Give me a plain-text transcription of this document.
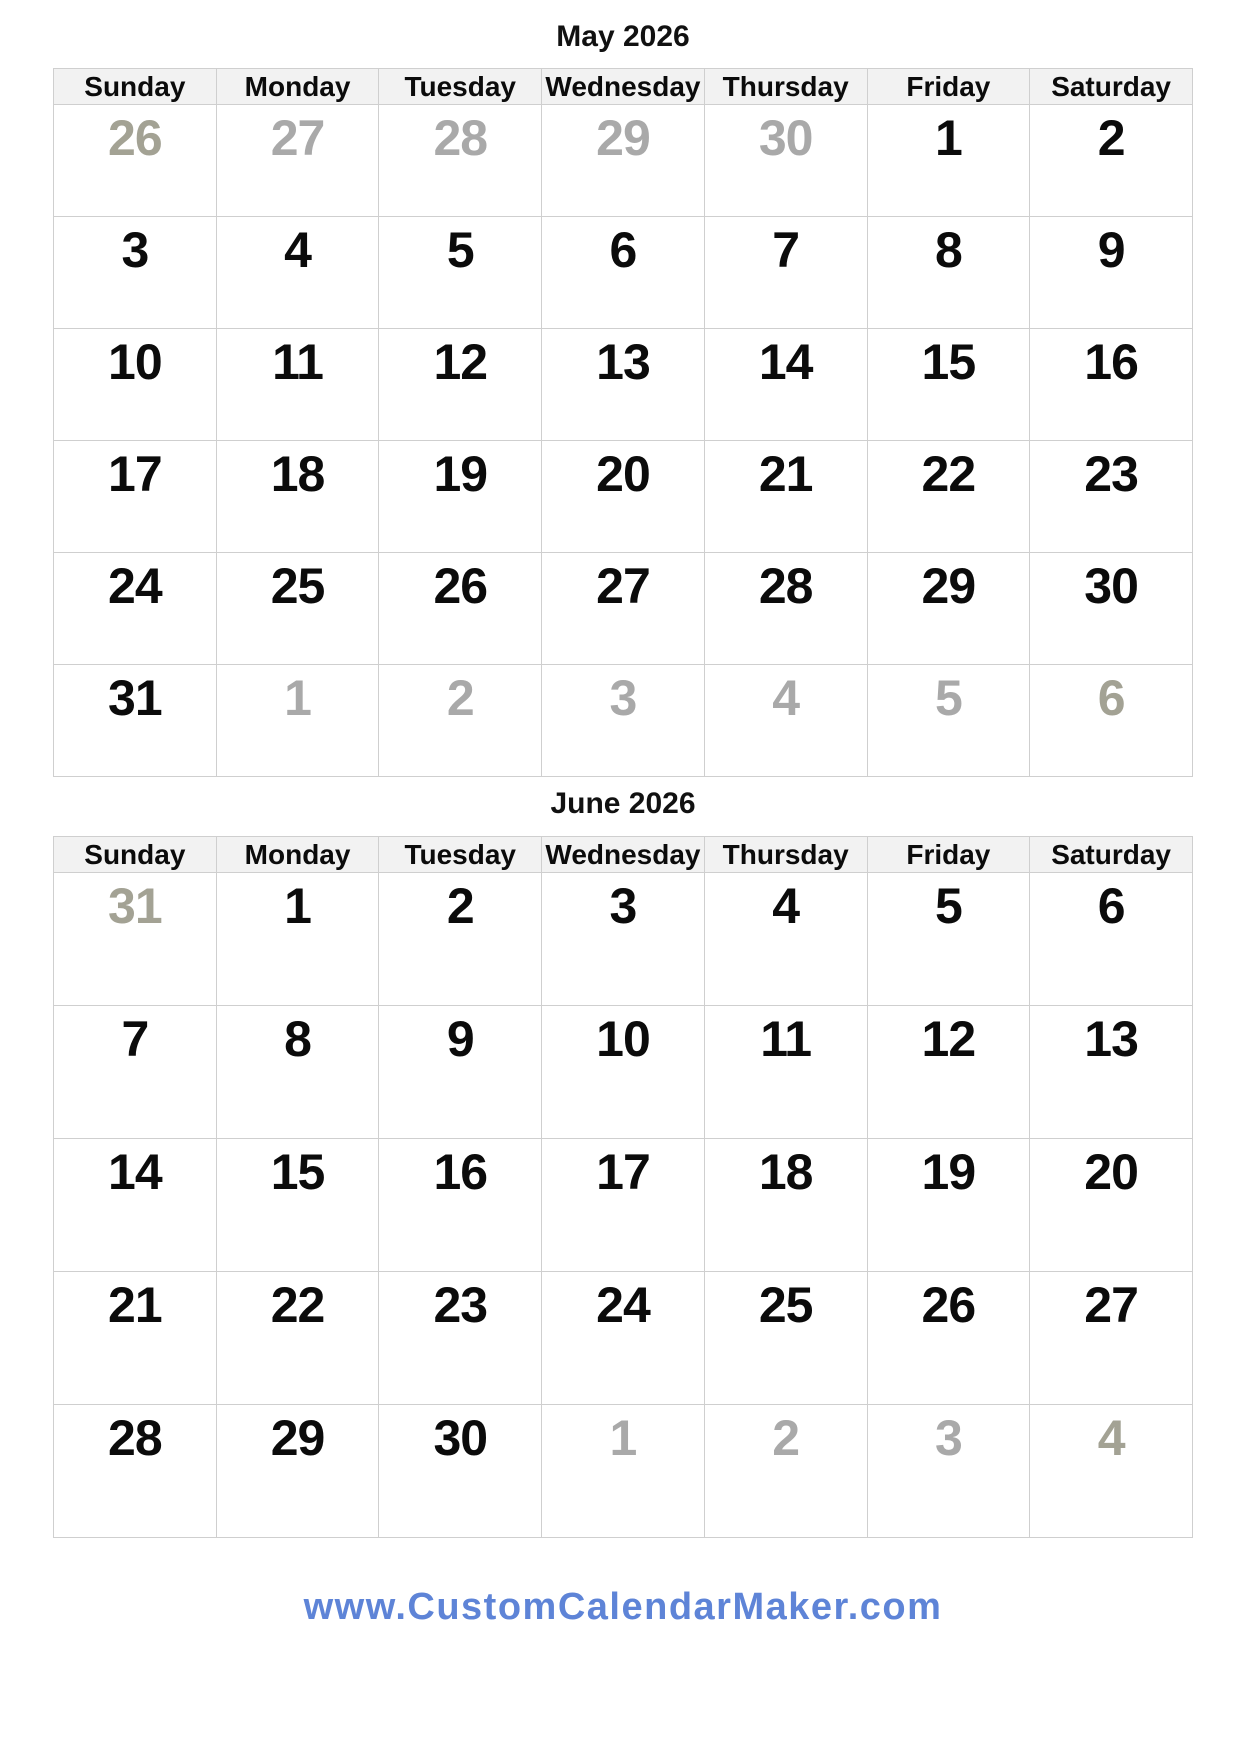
May 2026
Sunday	Monday	Tuesday	Wednesday	Thursday	Friday	Saturday
26	27	28	29	30	1	2
3	4	5	6	7	8	9
10	11	12	13	14	15	16
17	18	19	20	21	22	23
24	25	26	27	28	29	30
31	1	2	3	4	5	6
June 2026
Sunday	Monday	Tuesday	Wednesday	Thursday	Friday	Saturday
31	1	2	3	4	5	6
7	8	9	10	11	12	13
14	15	16	17	18	19	20
21	22	23	24	25	26	27
28	29	30	1	2	3	4
www.CustomCalendarMaker.com
